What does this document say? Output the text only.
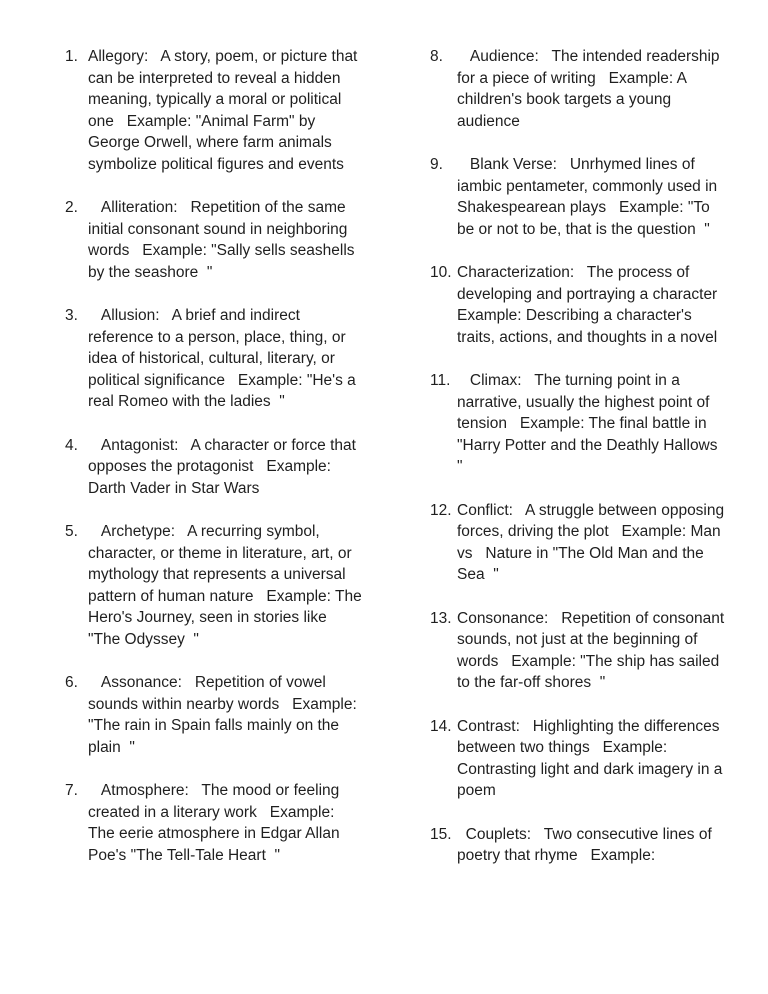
1. Allegory:   A story, poem, or picture that can be interpreted to reveal a hidden meaning, typically a moral or political one   Example: "Animal Farm" by George Orwell, where farm animals symbolize political figures and events
2. Alliteration:   Repetition of the same initial consonant sound in neighboring words   Example: "Sally sells seashells by the seashore  "
3. Allusion:   A brief and indirect reference to a person, place, thing, or idea of historical, cultural, literary, or political significance   Example: "He's a real Romeo with the ladies  "
4. Antagonist:   A character or force that opposes the protagonist   Example: Darth Vader in Star Wars
5. Archetype:   A recurring symbol, character, or theme in literature, art, or mythology that represents a universal pattern of human nature   Example: The Hero's Journey, seen in stories like "The Odyssey  "
6. Assonance:   Repetition of vowel sounds within nearby words   Example: "The rain in Spain falls mainly on the plain  "
7. Atmosphere:   The mood or feeling created in a literary work   Example: The eerie atmosphere in Edgar Allan Poe's "The Tell-Tale Heart  "
8. Audience:   The intended readership for a piece of writing   Example: A children's book targets a young audience
9. Blank Verse:   Unrhymed lines of iambic pentameter, commonly used in Shakespearean plays   Example: "To be or not to be, that is the question  "
10. Characterization:   The process of developing and portraying a character   Example: Describing a character's traits, actions, and thoughts in a novel
11. Climax:   The turning point in a narrative, usually the highest point of tension   Example: The final battle in "Harry Potter and the Deathly Hallows  "
12. Conflict:   A struggle between opposing forces, driving the plot   Example: Man vs   Nature in "The Old Man and the Sea  "
13. Consonance:   Repetition of consonant sounds, not just at the beginning of words   Example: "The ship has sailed to the far-off shores  "
14. Contrast:   Highlighting the differences between two things   Example: Contrasting light and dark imagery in a poem
15. Couplets:   Two consecutive lines of poetry that rhyme   Example:
